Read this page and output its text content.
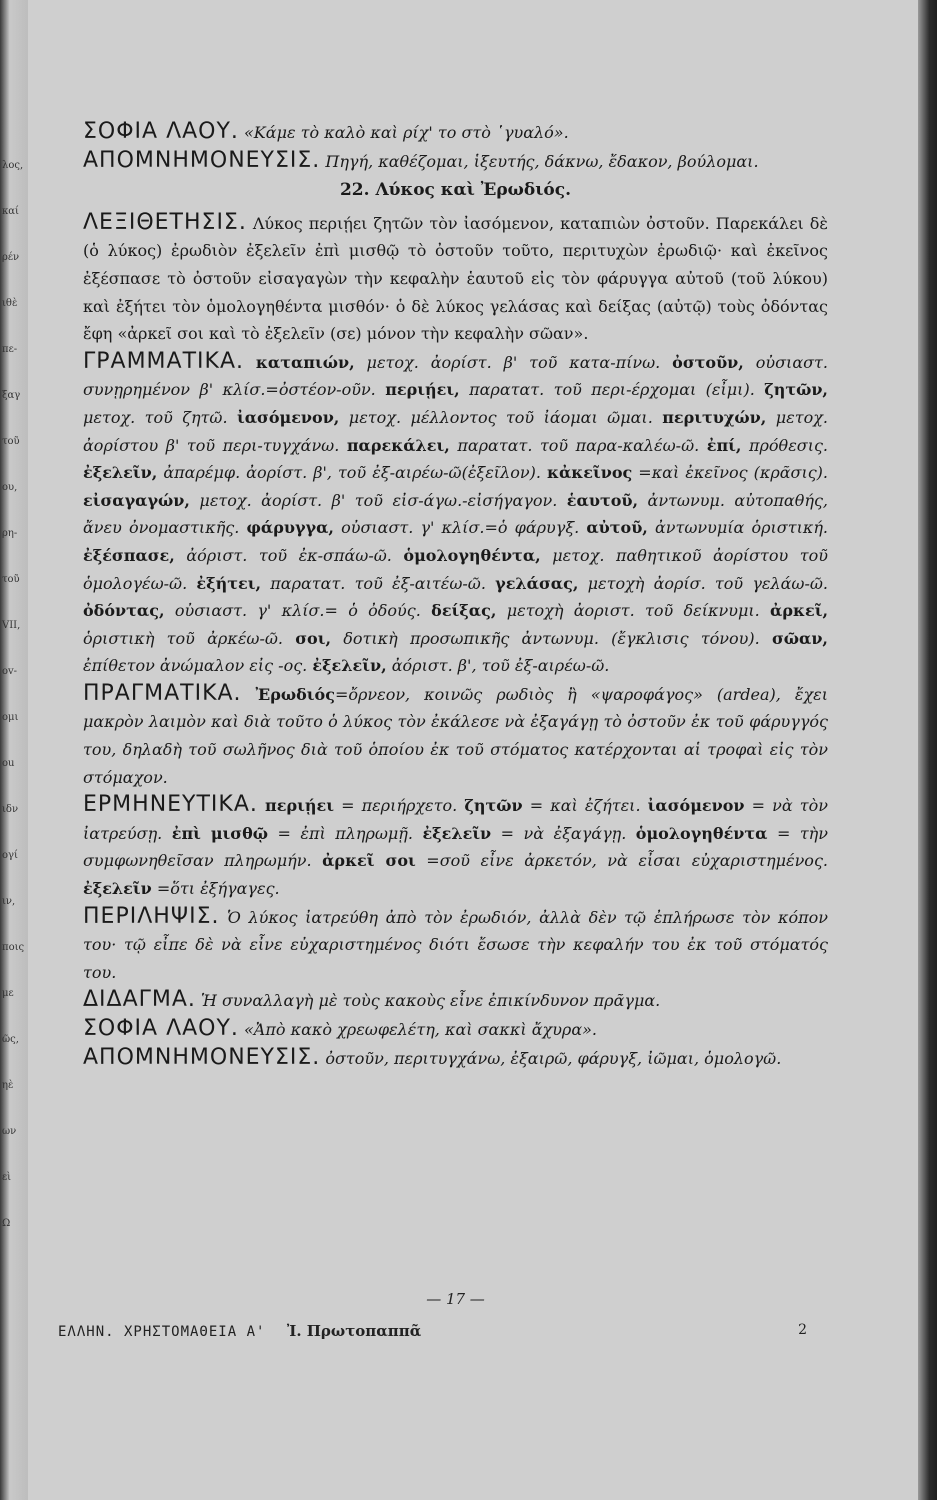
λος,
καί
ρέν
ιθὲ
πε-
ξαγ
τοῦ
ου,
ρη-
τοῦ
VII,
ov-
ομι
ou
ιδν
ογί
ιν,
ποις
με
ῶς,
ηὲ
ων
εὶ
Ω

ΣΟΦΙΑ ΛΑΟΥ. «Κάμε τὸ καλὸ καὶ ρίχ' το στὸ ῾γυαλό».

ΑΠΟΜΝΗΜΟΝΕΥΣΙΣ. Πηγή, καθέζομαι, ἱξευτής, δάκνω, ἔδακον, βούλομαι.

22. Λύκος καὶ Ἐρωδιός.

ΛΕΞΙΘΕΤΗΣΙΣ. Λύκος περιῄει ζητῶν τὸν ἰασόμενον, καταπιὼν ὀστοῦν. Παρεκάλει δὲ (ὁ λύκος) ἐρωδιὸν ἐξελεῖν ἐπὶ μισθῷ τὸ ὀστοῦν τοῦτο, περιτυχὼν ἐρωδιῷ· καὶ ἐκεῖνος ἐξέσπασε τὸ ὀστοῦν εἰσαγαγὼν τὴν κεφαλὴν ἑαυτοῦ εἰς τὸν φάρυγγα αὐτοῦ (τοῦ λύκου) καὶ ἐξήτει τὸν ὁμολογηθέντα μισθόν· ὁ δὲ λύκος γελάσας καὶ δείξας (αὐτῷ) τοὺς ὀδόντας ἔφη «ἀρκεῖ σοι καὶ τὸ ἐξελεῖν (σε) μόνον τὴν κεφαλὴν σῶαν».

ΓΡΑΜΜΑΤΙΚΑ. καταπιών, μετοχ. ἀορίστ. β' τοῦ κατα-πίνω. ὀστοῦν, οὐσιαστ. συνῃρημένον β' κλίσ.=ὀστέον-οῦν. περιῄει, παρατατ. τοῦ περι-έρχομαι (εἶμι). ζητῶν, μετοχ. τοῦ ζητῶ. ἰασόμενον, μετοχ. μέλλοντος τοῦ ἰάομαι ῶμαι. περιτυχών, μετοχ. ἀορίστου β' τοῦ περι-τυγχάνω. παρεκάλει, παρατατ. τοῦ παρα-καλέω-ῶ. ἐπί, πρόθεσις. ἐξελεῖν, ἀπαρέμφ. ἀορίστ. β', τοῦ ἐξ-αιρέω-ῶ(ἐξεῖλον). κἀκεῖνος =καὶ ἐκεῖνος (κρᾶσις). εἰσαγαγών, μετοχ. ἀορίστ. β' τοῦ εἰσ-άγω.-εἰσήγαγον. ἑαυτοῦ, ἀντωνυμ. αὐτοπαθής, ἄνευ ὀνομαστικῆς. φάρυγγα, οὐσιαστ. γ' κλίσ.=ὁ φάρυγξ. αὐτοῦ, ἀντωνυμία ὁριστική. ἐξέσπασε, ἀόριστ. τοῦ ἐκ-σπάω-ῶ. ὁμολογηθέντα, μετοχ. παθητικοῦ ἀορίστου τοῦ ὁμολογέω-ῶ. ἐξήτει, παρατατ. τοῦ ἐξ-αιτέω-ῶ. γελάσας, μετοχὴ ἀορίσ. τοῦ γελάω-ῶ. ὀδόντας, οὐσιαστ. γ' κλίσ.= ὁ ὀδούς. δείξας, μετοχὴ ἀοριστ. τοῦ δείκνυμι. ἀρκεῖ, ὁριστικὴ τοῦ ἀρκέω-ῶ. σοι, δοτικὴ προσωπικῆς ἀντωνυμ. (ἔγκλισις τόνου). σῶαν, ἐπίθετον ἀνώμαλον εἰς -ος. ἐξελεῖν, ἀόριστ. β', τοῦ ἐξ-αιρέω-ῶ.

ΠΡΑΓΜΑΤΙΚΑ. Ἐρωδιός=ὄρνεον, κοινῶς ρωδιὸς ἢ «ψαροφάγος» (ardea), ἔχει μακρὸν λαιμὸν καὶ διὰ τοῦτο ὁ λύκος τὸν ἐκάλεσε νὰ ἐξαγάγῃ τὸ ὀστοῦν ἐκ τοῦ φάρυγγός του, δηλαδὴ τοῦ σωλῆνος διὰ τοῦ ὁποίου ἐκ τοῦ στόματος κατέρχονται αἱ τροφαὶ εἰς τὸν στόμαχον.

ΕΡΜΗΝΕΥΤΙΚΑ. περιῄει = περιήρχετο. ζητῶν = καὶ ἐζήτει. ἰασόμενον = νὰ τὸν ἰατρεύσῃ. ἐπὶ μισθῷ = ἐπὶ πληρωμῇ. ἐξελεῖν = νὰ ἐξαγάγῃ. ὁμολογηθέντα = τὴν συμφωνηθεῖσαν πληρωμήν. ἀρκεῖ σοι =σοῦ εἶνε ἀρκετόν, νὰ εἶσαι εὐχαριστημένος. ἐξελεῖν =ὅτι ἐξήγαγες.

ΠΕΡΙΛΗΨΙΣ. Ὁ λύκος ἰατρεύθη ἀπὸ τὸν ἐρωδιόν, ἀλλὰ δὲν τῷ ἐπλήρωσε τὸν κόπον του· τῷ εἶπε δὲ νὰ εἶνε εὐχαριστημένος διότι ἔσωσε τὴν κεφαλήν του ἐκ τοῦ στόματός του.

ΔΙΔΑΓΜΑ. Ἡ συναλλαγὴ μὲ τοὺς κακοὺς εἶνε ἐπικίνδυνον πρᾶγμα.

ΣΟΦΙΑ ΛΑΟΥ. «Ἀπὸ κακὸ χρεωφελέτη, καὶ σακκὶ ἄχυρα».

ΑΠΟΜΝΗΜΟΝΕΥΣΙΣ. ὀστοῦν, περιτυγχάνω, ἐξαιρῶ, φάρυγξ, ἰῶμαι, ὁμολογῶ.

— 17 —
ΕΛΛΗΝ. ΧΡΗΣΤΟΜΑΘΕΙΑ Α' Ἰ. Πρωτοπαππᾶ	2
